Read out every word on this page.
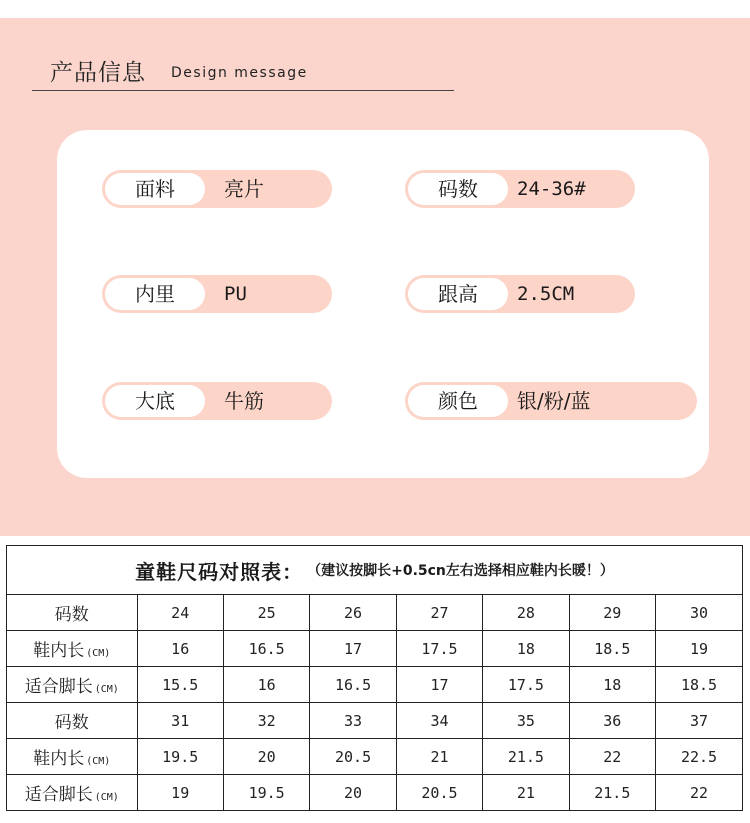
产品信息 Design message
面料	亮片
内里	PU
大底	牛筋
码数	24-36#
跟高	2.5CM
颜色	银/粉/蓝
童鞋尺码对照表： （建议按脚长+0.5cn左右选择相应鞋内长暖！）
码数	24	25	26	27	28	29	30
鞋内长 (CM)	16	16.5	17	17.5	18	18.5	19
适合脚长 (CM)	15.5	16	16.5	17	17.5	18	18.5
码数	31	32	33	34	35	36	37
鞋内长 (CM)	19.5	20	20.5	21	21.5	22	22.5
适合脚长 (CM)	19	19.5	20	20.5	21	21.5	22
